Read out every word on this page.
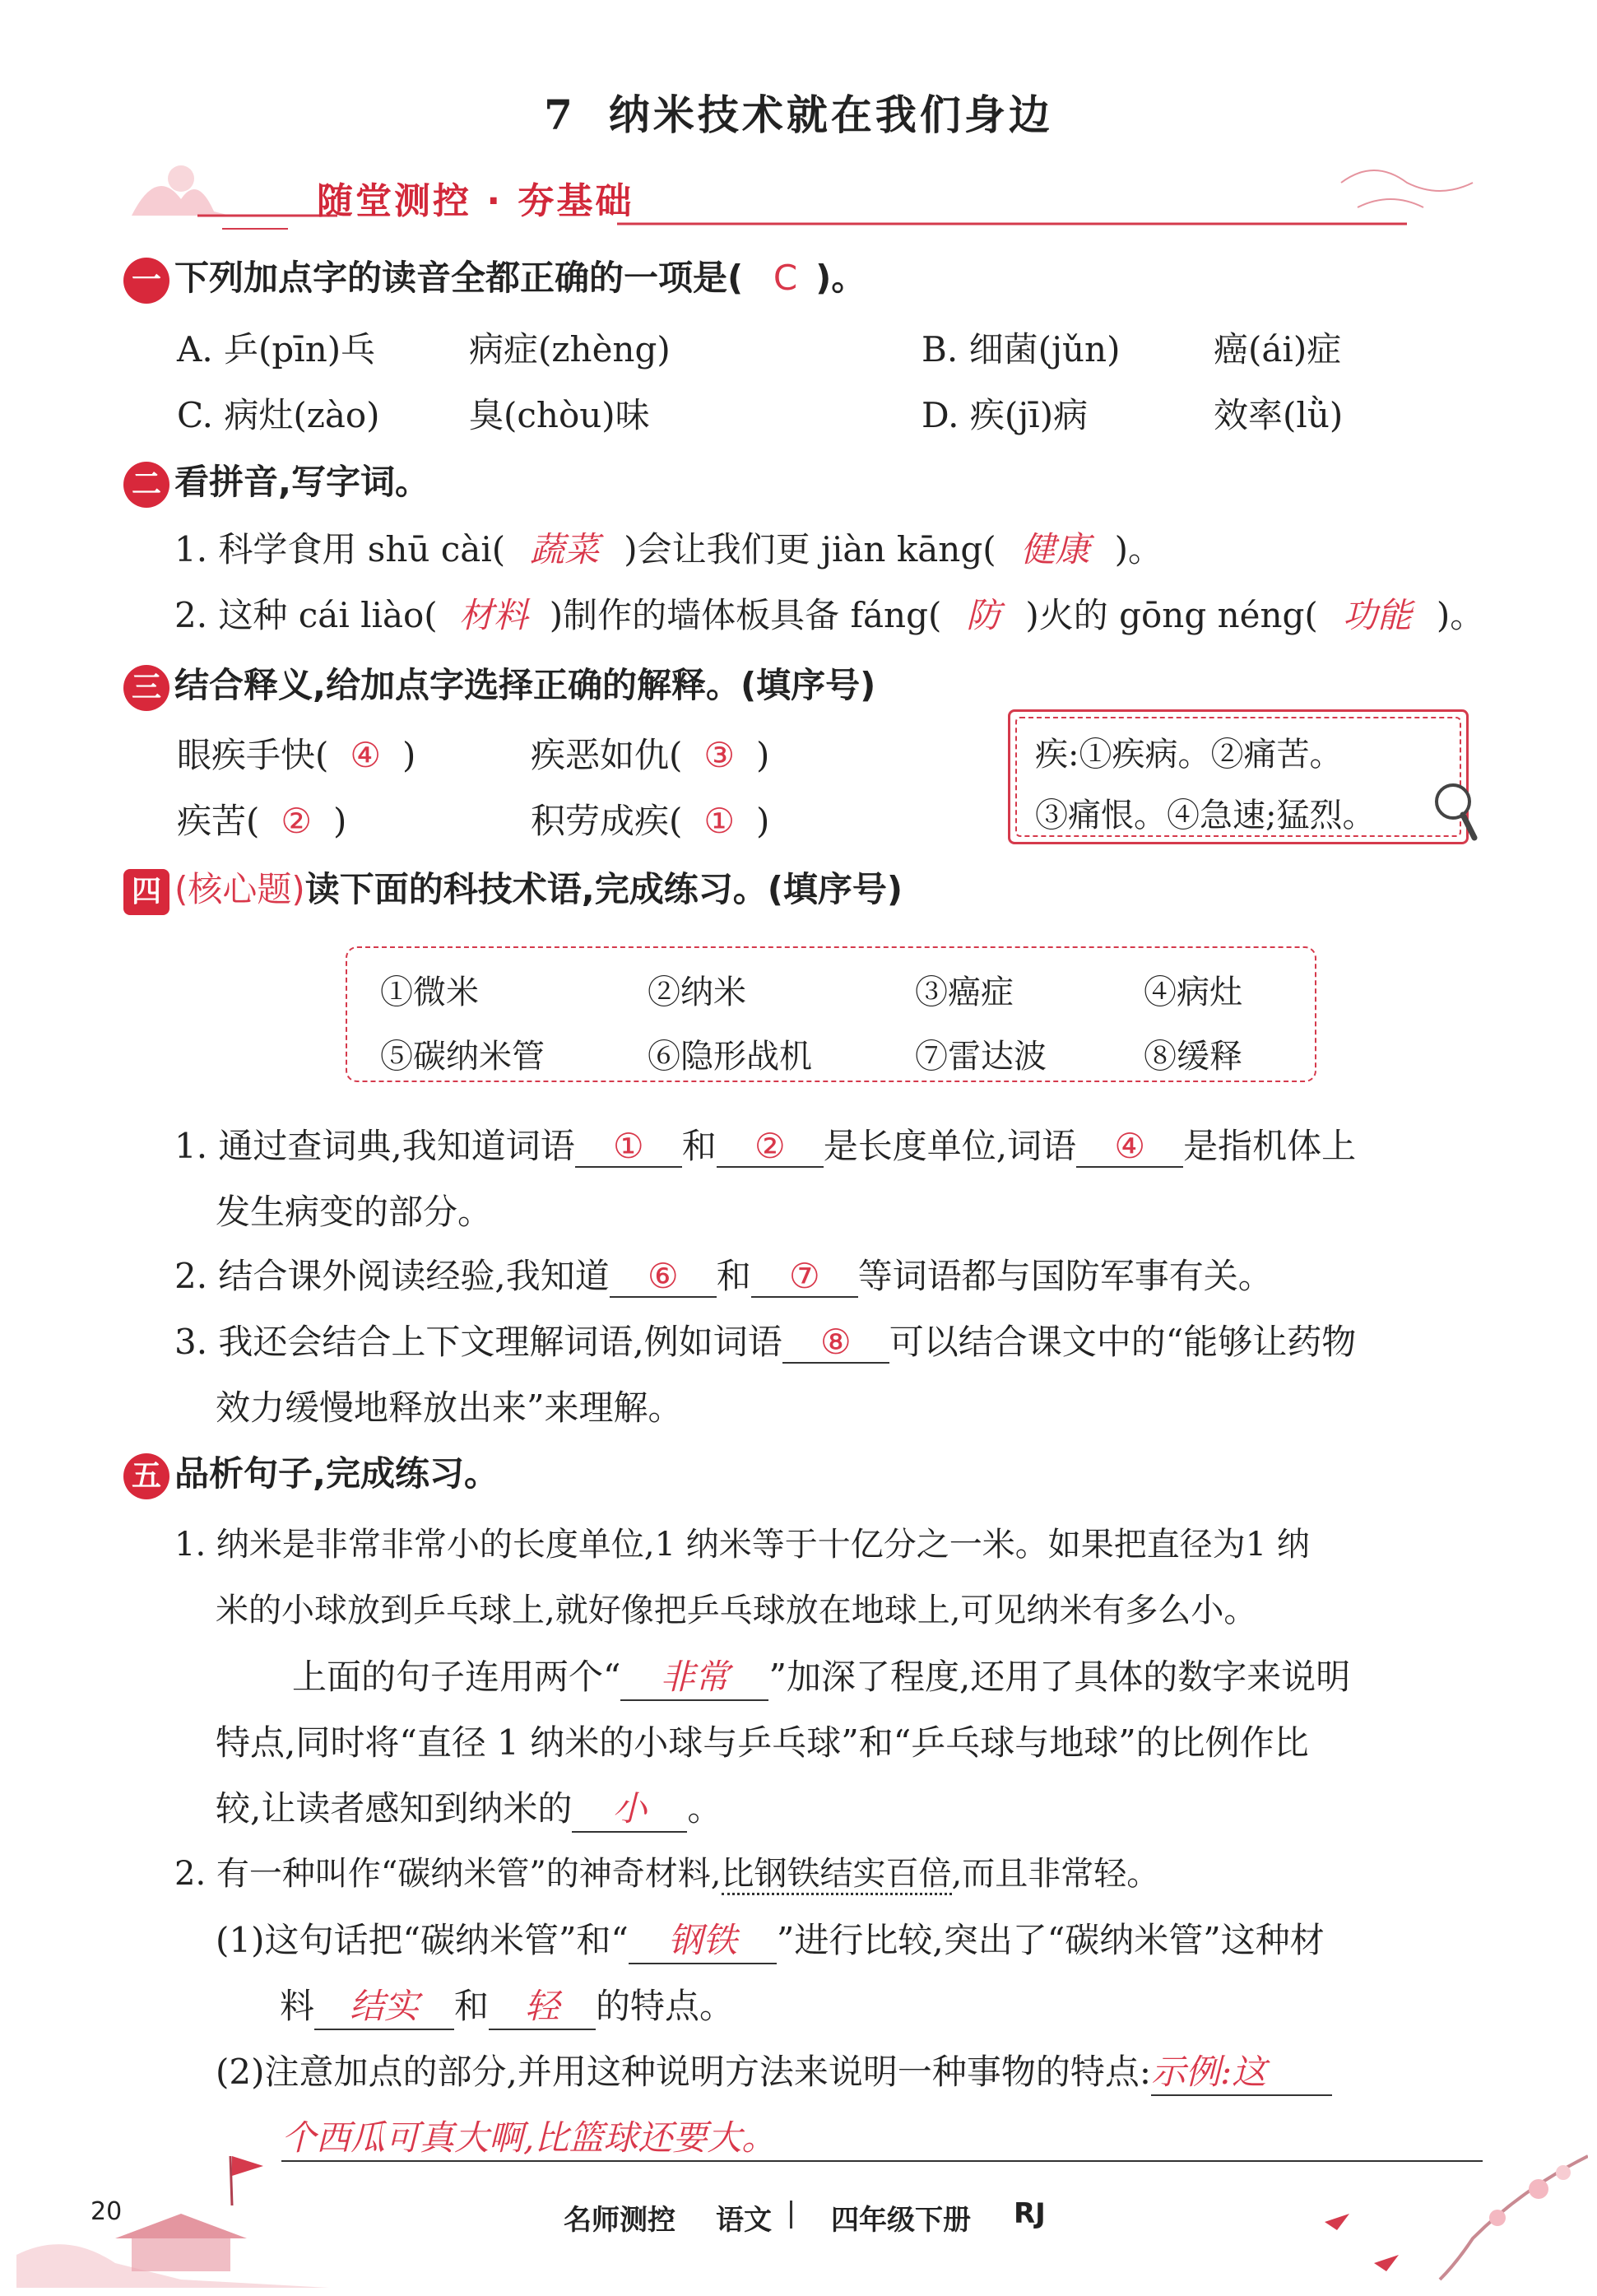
7 纳米技术就在我们身边
随堂测控 · 夯基础
一 下列加点字的读音全都正确的一项是( C )。
A. 乒(pīn)乓	病症(zhèng)	B. 细菌(jǔn)	癌(ái)症
C. 病灶(zào)	臭(chòu)味	D. 疾(jī)病	效率(lǜ)
二 看拼音,写字词。
1. 科学食用 shū cài( 蔬菜 )会让我们更 jiàn kāng( 健康 )。
2. 这种 cái liào( 材料 )制作的墙体板具备 fáng( 防 )火的 gōng néng( 功能 )。
三 结合释义,给加点字选择正确的解释。(填序号)
眼疾手快( ④ )	疾恶如仇( ③ )
疾苦( ② )	积劳成疾( ① )
疾:①疾病。②痛苦。
③痛恨。④急速;猛烈。
四 (核心题)读下面的科技术语,完成练习。(填序号)
①微米	②纳米	③癌症	④病灶
⑤碳纳米管	⑥隐形战机	⑦雷达波	⑧缓释
1. 通过查词典,我知道词语 ① 和 ② 是长度单位,词语 ④ 是指机体上
发生病变的部分。
2. 结合课外阅读经验,我知道 ⑥ 和 ⑦ 等词语都与国防军事有关。
3. 我还会结合上下文理解词语,例如词语 ⑧ 可以结合课文中的“能够让药物
效力缓慢地释放出来”来理解。
五 品析句子,完成练习。
1. 纳米是非常非常小的长度单位,1 纳米等于十亿分之一米。如果把直径为1 纳
米的小球放到乒乓球上,就好像把乒乓球放在地球上,可见纳米有多么小。
上面的句子连用两个“ 非常 ”加深了程度,还用了具体的数字来说明
特点,同时将“直径 1 纳米的小球与乒乓球”和“乒乓球与地球”的比例作比
较,让读者感知到纳米的 小 。
2. 有一种叫作“碳纳米管”的神奇材料,比钢铁结实百倍,而且非常轻。
(1)这句话把“碳纳米管”和“ 钢铁 ”进行比较,突出了“碳纳米管”这种材
料 结实 和 轻 的特点。
(2)注意加点的部分,并用这种说明方法来说明一种事物的特点:示例:这
个西瓜可真大啊,比篮球还要大。
20	名师测控 语文 四年级下册 RJ
